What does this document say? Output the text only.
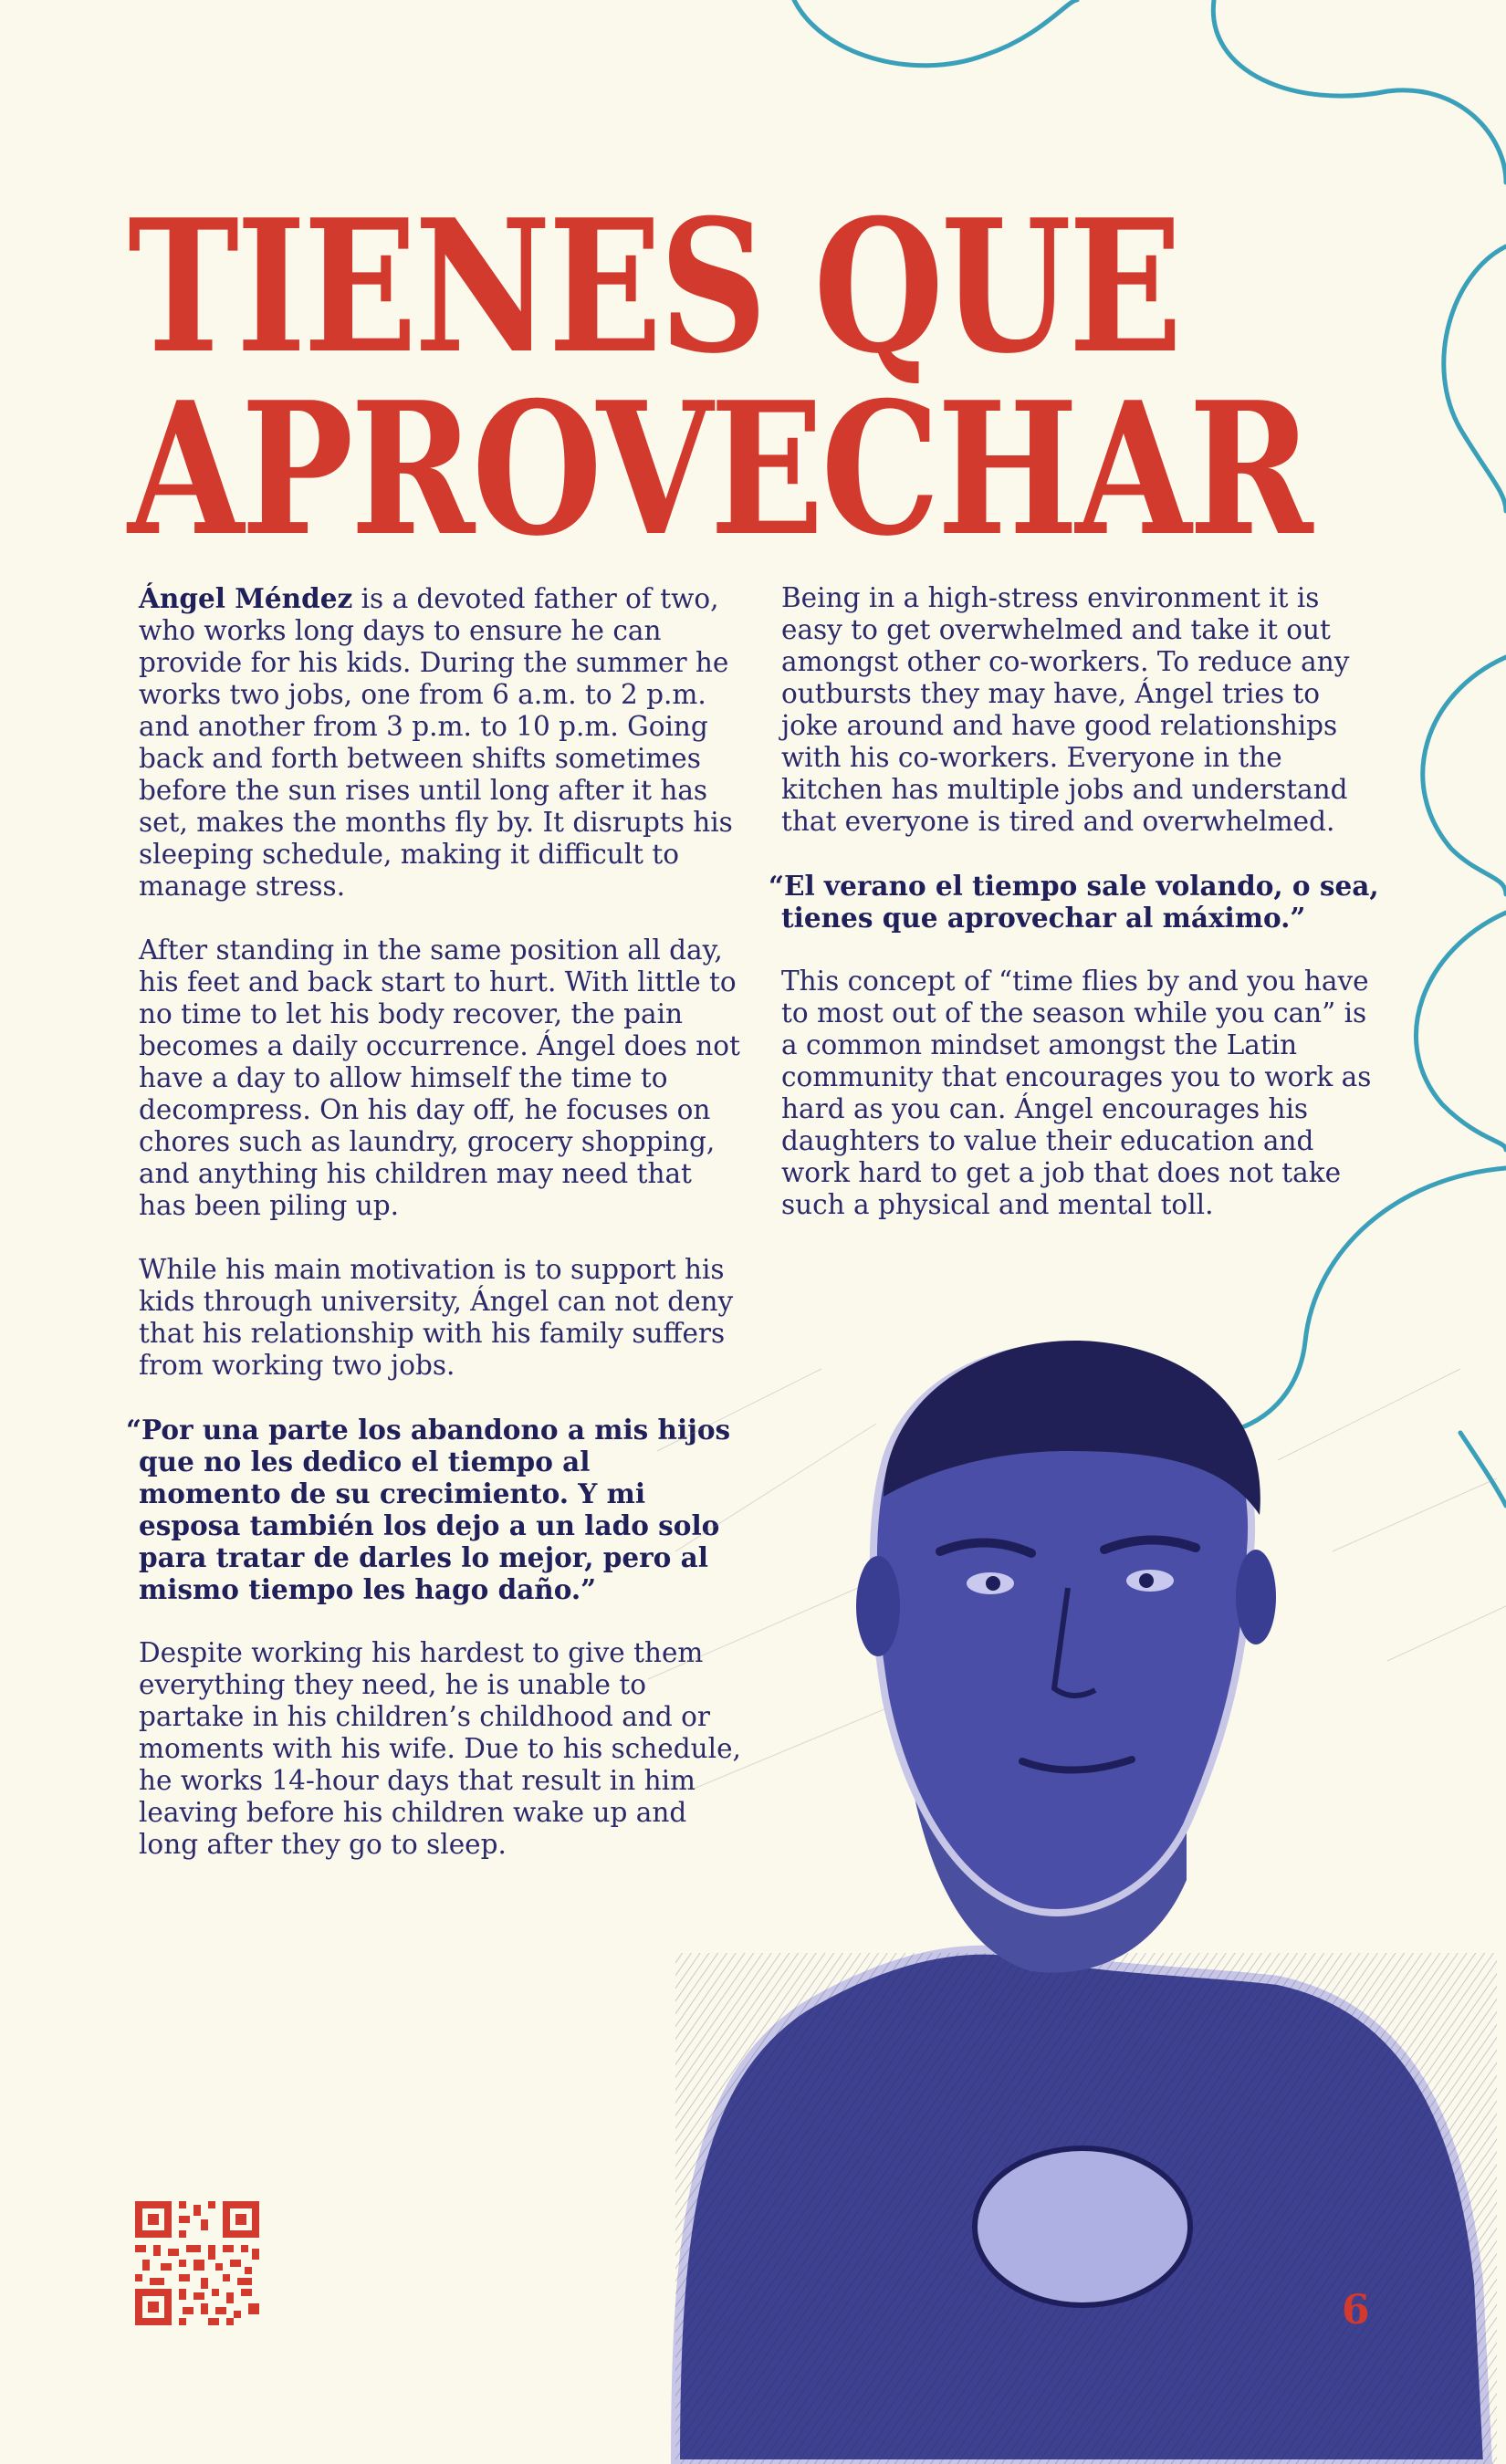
TIENES QUE
APROVECHAR

Ángel Méndez is a devoted father of two, who works long days to ensure he can provide for his kids. During the summer he works two jobs, one from 6 a.m. to 2 p.m. and another from 3 p.m. to 10 p.m. Going back and forth between shifts sometimes before the sun rises until long after it has set, makes the months fly by. It disrupts his sleeping schedule, making it difficult to manage stress.

After standing in the same position all day, his feet and back start to hurt. With little to no time to let his body recover, the pain becomes a daily occurrence. Ángel does not have a day to allow himself the time to decompress. On his day off, he focuses on chores such as laundry, grocery shopping, and anything his children may need that has been piling up.

While his main motivation is to support his kids through university, Ángel can not deny that his relationship with his family suffers from working two jobs.

“Por una parte los abandono a mis hijos que no les dedico el tiempo al momento de su crecimiento. Y mi esposa también los dejo a un lado solo para tratar de darles lo mejor, pero al mismo tiempo les hago daño.”

Despite working his hardest to give them everything they need, he is unable to partake in his children’s childhood and or moments with his wife. Due to his schedule, he works 14-hour days that result in him leaving before his children wake up and long after they go to sleep.

Being in a high-stress environment it is easy to get overwhelmed and take it out amongst other co-workers. To reduce any outbursts they may have, Ángel tries to joke around and have good relationships with his co-workers. Everyone in the kitchen has multiple jobs and understand that everyone is tired and overwhelmed.

“El verano el tiempo sale volando, o sea, tienes que aprovechar al máximo.”

This concept of “time flies by and you have to most out of the season while you can” is a common mindset amongst the Latin community that encourages you to work as hard as you can. Ángel encourages his daughters to value their education and work hard to get a job that does not take such a physical and mental toll.

6
